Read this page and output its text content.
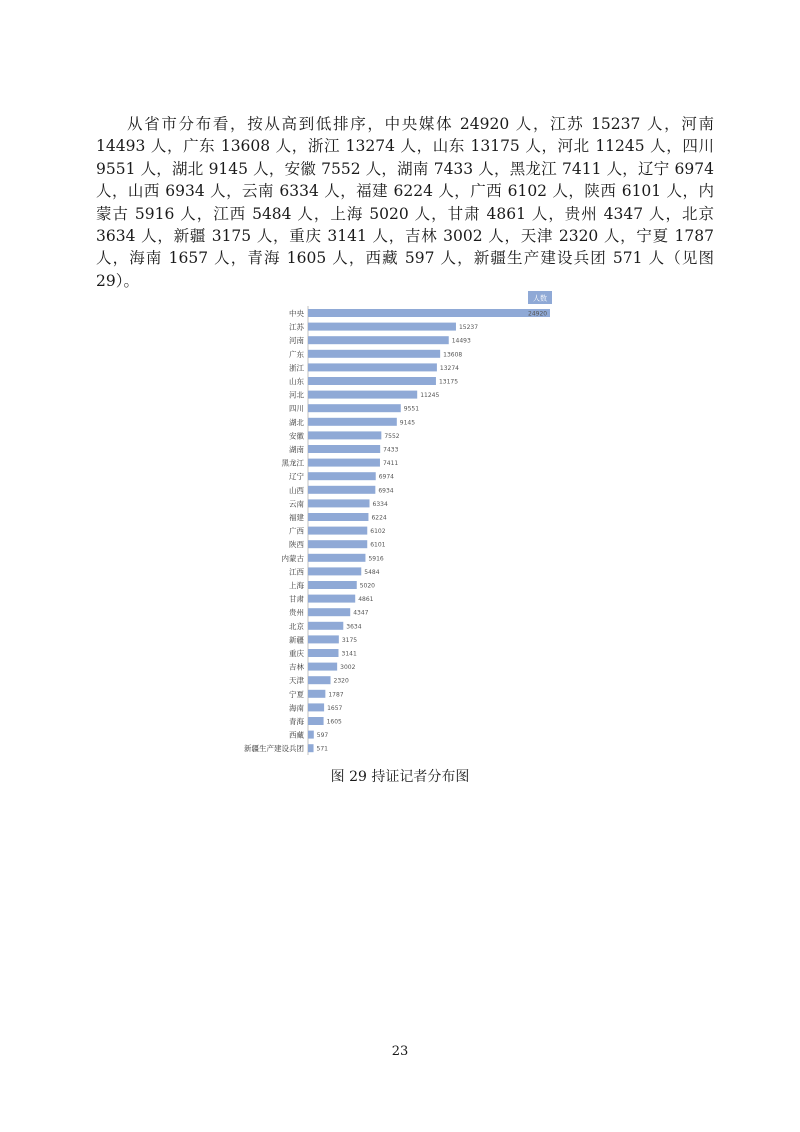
从省市分布看，按从高到低排序，中央媒体 24920 人，江苏 15237 人，河南 14493 人，广东 13608 人，浙江 13274 人，山东 13175 人，河北 11245 人，四川 9551 人，湖北 9145 人，安徽 7552 人，湖南 7433 人，黑龙江 7411 人，辽宁 6974 人，山西 6934 人，云南 6334 人，福建 6224 人，广西 6102 人，陕西 6101 人，内蒙古 5916 人，江西 5484 人，上海 5020 人，甘肃 4861 人，贵州 4347 人，北京 3634 人，新疆 3175 人，重庆 3141 人，吉林 3002 人，天津 2320 人，宁夏 1787 人，海南 1657 人，青海 1605 人，西藏 597 人，新疆生产建设兵团 571 人（见图 29）。

人数
中央	24920
江苏	15237
河南	14493
广东	13608
浙江	13274
山东	13175
河北	11245
四川	9551
湖北	9145
安徽	7552
湖南	7433
黑龙江	7411
辽宁	6974
山西	6934
云南	6334
福建	6224
广西	6102
陕西	6101
内蒙古	5916
江西	5484
上海	5020
甘肃	4861
贵州	4347
北京	3634
新疆	3175
重庆	3141
吉林	3002
天津	2320
宁夏	1787
海南	1657
青海	1605
西藏 597
新疆生产建设兵团 571

图 29 持证记者分布图

23
